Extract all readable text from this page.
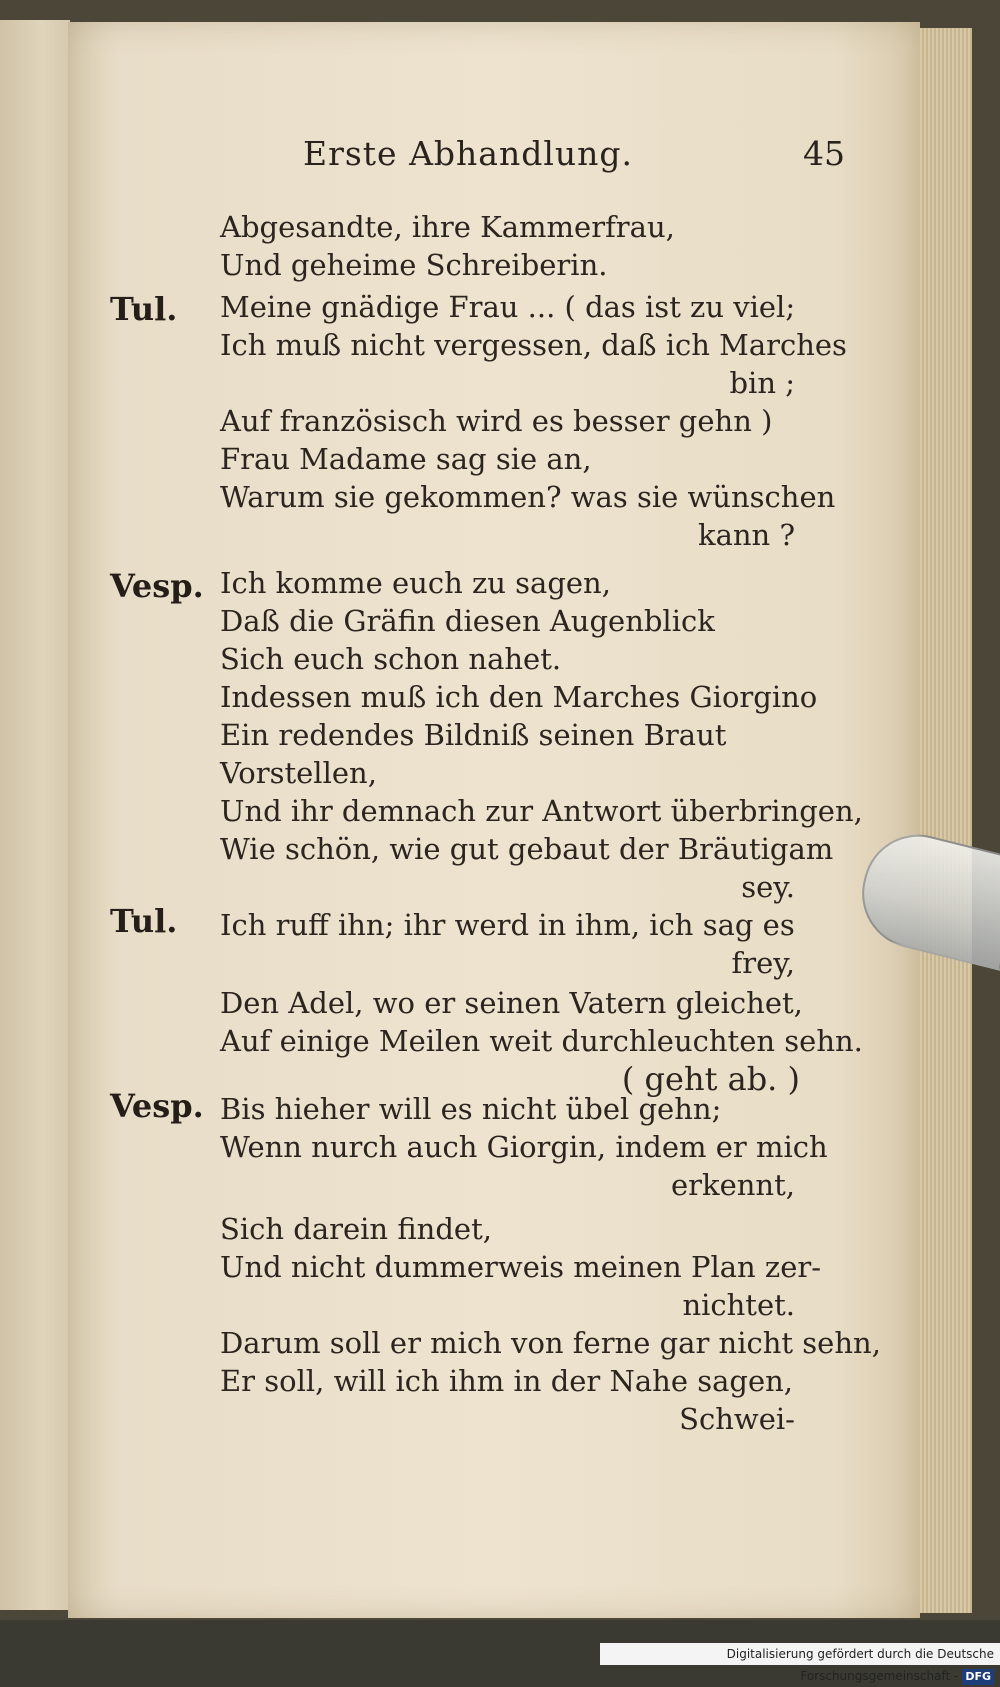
Erste Abhandlung.	45
Tul.
Vesp.
Tul.
Vesp.
Abgesandte, ihre Kammerfrau,
Und geheime Schreiberin.
Meine gnädige Frau ... ( das ist zu viel;
Ich muß nicht vergessen, daß ich Marches
bin ;
Auf französisch wird es besser gehn )
Frau Madame sag sie an,
Warum sie gekommen? was sie wünschen
kann ?
Ich komme euch zu sagen,
Daß die Gräfin diesen Augenblick
Sich euch schon nahet.
Indessen muß ich den Marches Giorgino
Ein redendes Bildniß seinen Braut
Vorstellen,
Und ihr demnach zur Antwort überbringen,
Wie schön, wie gut gebaut der Bräutigam
sey.
Ich ruff ihn; ihr werd in ihm, ich sag es
frey,
Den Adel, wo er seinen Vatern gleichet,
Auf einige Meilen weit durchleuchten sehn.
( geht ab. )
Bis hieher will es nicht übel gehn;
Wenn nurch auch Giorgin, indem er mich
erkennt,
Sich darein findet,
Und nicht dummerweis meinen Plan zer-
nichtet.
Darum soll er mich von ferne gar nicht sehn,
Er soll, will ich ihm in der Nahe sagen,
Schwei-
Digitalisierung gefördert durch die Deutsche Forschungsgemeinschaft - DFG
